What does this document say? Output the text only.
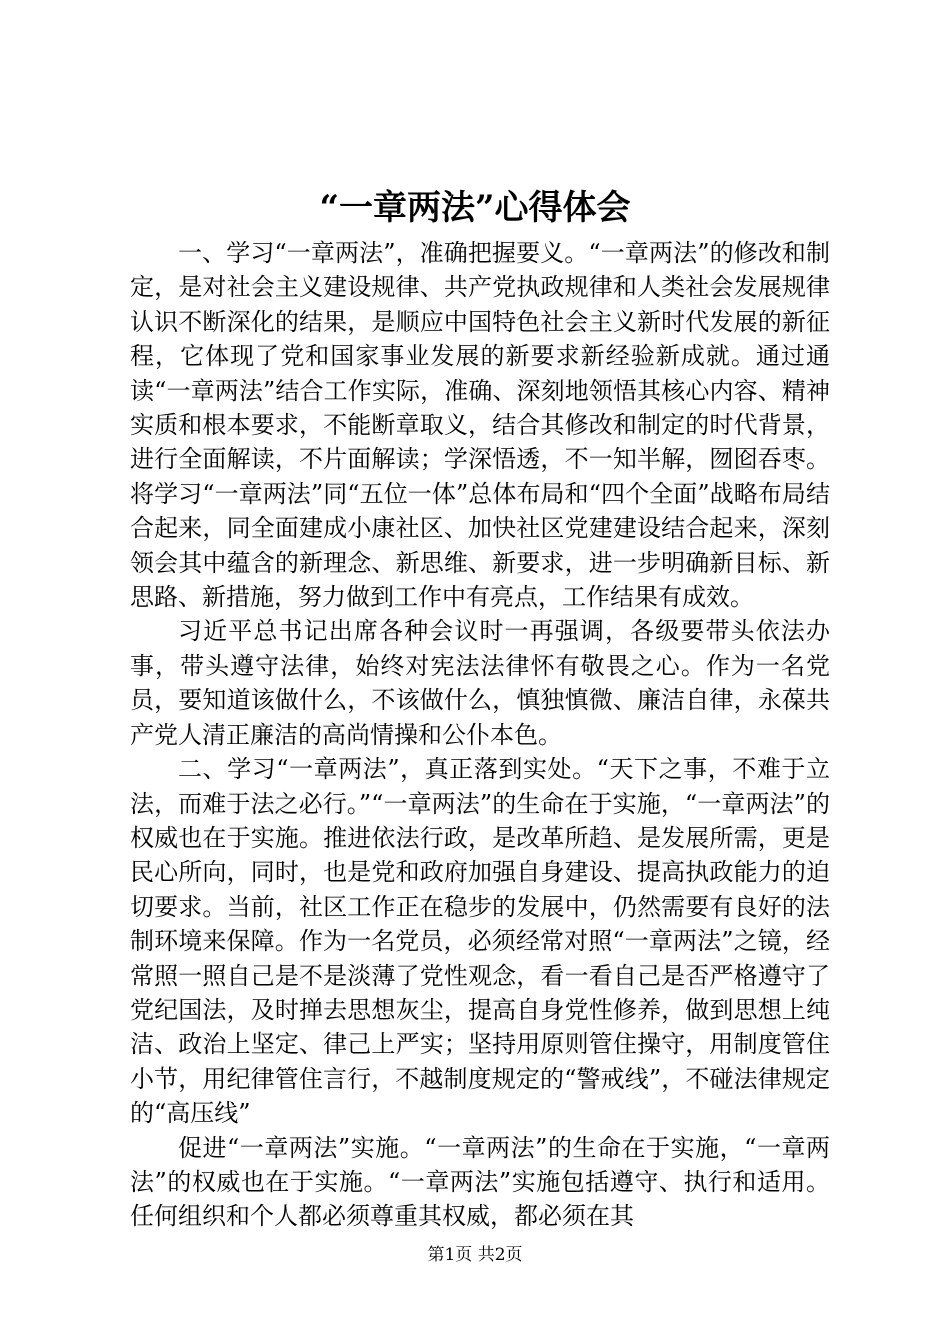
“一章两法”心得体会

一、学习“一章两法”，准确把握要义。“一章两法”的修改和制定，是对社会主义建设规律、共产党执政规律和人类社会发展规律认识不断深化的结果，是顺应中国特色社会主义新时代发展的新征程，它体现了党和国家事业发展的新要求新经验新成就。通过通读“一章两法”结合工作实际，准确、深刻地领悟其核心内容、精神实质和根本要求，不能断章取义，结合其修改和制定的时代背景，进行全面解读，不片面解读；学深悟透，不一知半解，囫囵吞枣。将学习“一章两法”同“五位一体”总体布局和“四个全面”战略布局结合起来，同全面建成小康社区、加快社区党建建设结合起来，深刻领会其中蕴含的新理念、新思维、新要求，进一步明确新目标、新思路、新措施，努力做到工作中有亮点，工作结果有成效。

习近平总书记出席各种会议时一再强调，各级要带头依法办事，带头遵守法律，始终对宪法法律怀有敬畏之心。作为一名党员，要知道该做什么，不该做什么，慎独慎微、廉洁自律，永葆共产党人清正廉洁的高尚情操和公仆本色。

二、学习“一章两法”，真正落到实处。“天下之事，不难于立法，而难于法之必行。”“一章两法”的生命在于实施，“一章两法”的权威也在于实施。推进依法行政，是改革所趋、是发展所需，更是民心所向，同时，也是党和政府加强自身建设、提高执政能力的迫切要求。当前，社区工作正在稳步的发展中，仍然需要有良好的法制环境来保障。作为一名党员，必须经常对照“一章两法”之镜，经常照一照自己是不是淡薄了党性观念，看一看自己是否严格遵守了党纪国法，及时掸去思想灰尘，提高自身党性修养，做到思想上纯洁、政治上坚定、律己上严实；坚持用原则管住操守，用制度管住小节，用纪律管住言行，不越制度规定的“警戒线”，不碰法律规定的“高压线”

促进“一章两法”实施。“一章两法”的生命在于实施，“一章两法”的权威也在于实施。“一章两法”实施包括遵守、执行和适用。任何组织和个人都必须尊重其权威，都必须在其

第1页 共2页
